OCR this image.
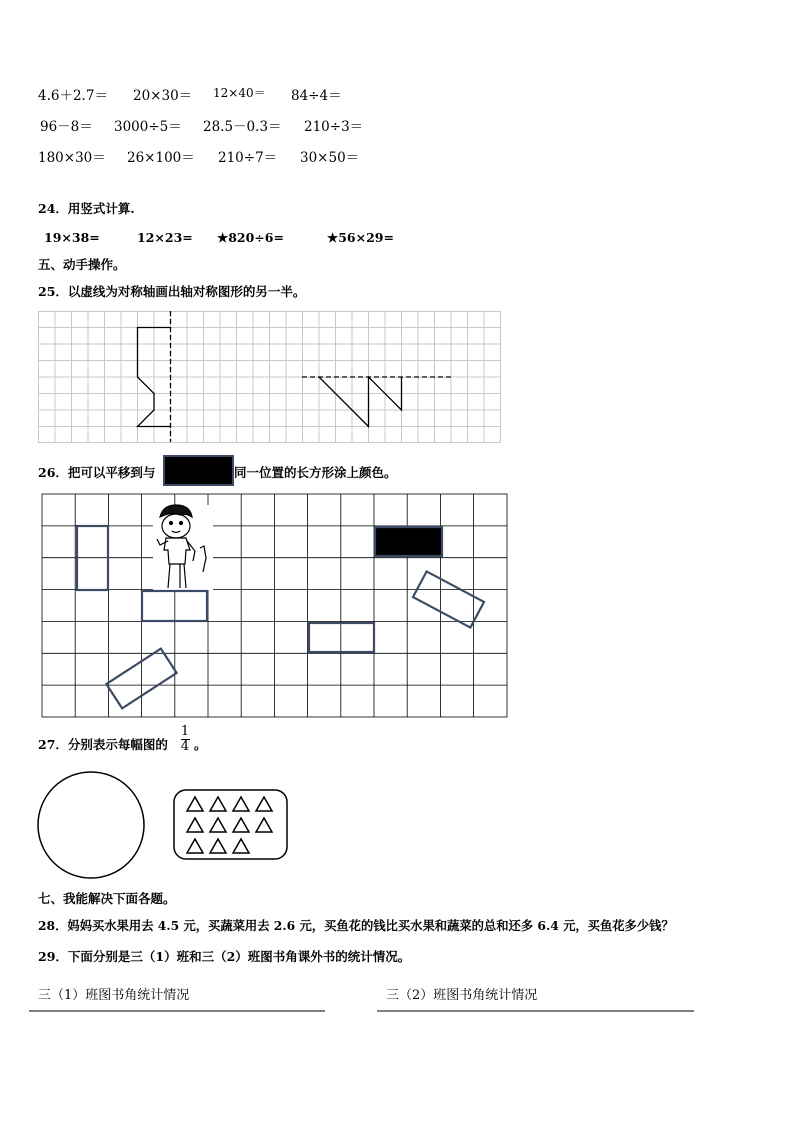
4.6＋2.7＝ 20×30＝ 12×40＝ 84÷4＝
96－8＝ 3000÷5＝ 28.5－0.3＝ 210÷3＝
180×30＝ 26×100＝ 210÷7＝ 30×50＝
24．用竖式计算.
19×38=	12×23= ★820÷6=	★56×29=
五、动手操作。
25．以虚线为对称轴画出轴对称图形的另一半。
26．把可以平移到与	同一位置的长方形涂上颜色。
27．分别表示每幅图的
1
4 。
七、我能解决下面各题。
28．妈妈买水果用去 4.5 元，买蔬菜用去 2.6 元，买鱼花的钱比买水果和蔬菜的总和还多 6.4 元，买鱼花多少钱？
29．下面分别是三（1）班和三（2）班图书角课外书的统计情况。
三（1）班图书角统计情况	三（2）班图书角统计情况
